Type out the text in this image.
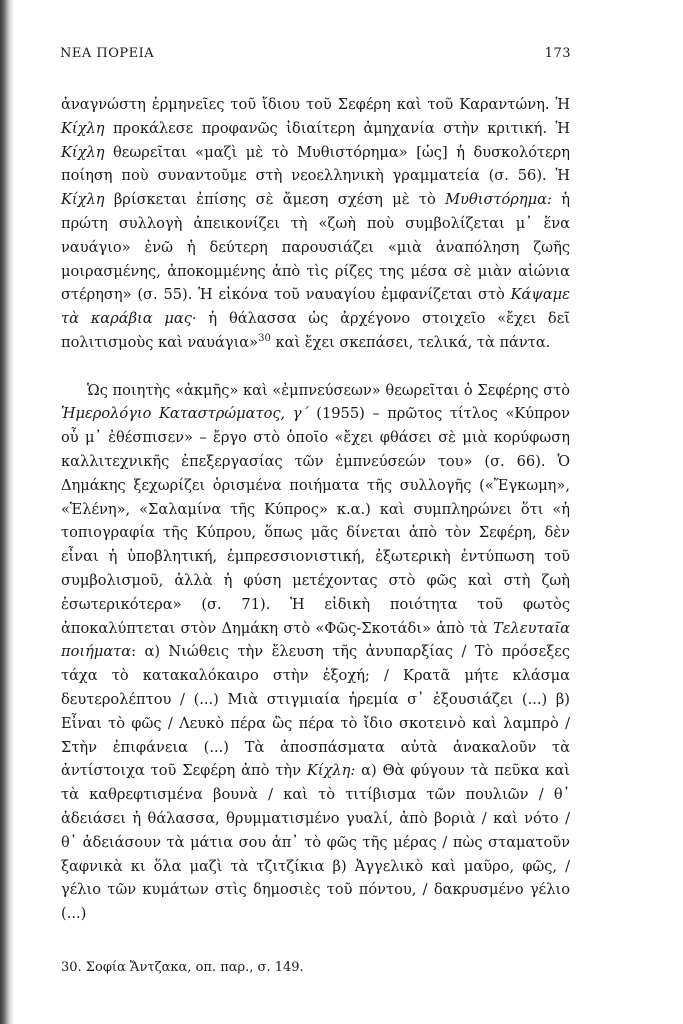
ΝΕΑ ΠΟΡΕΙΑ	173

ἀναγνώστη ἑρμηνεῖες τοῦ ἴδιου τοῦ Σεφέρη καὶ τοῦ Καραντώνη. Ἡ Κίχλη προκάλεσε προφανῶς ἰδιαίτερη ἀμηχανία στὴν κριτική. Ἡ Κίχλη θεωρεῖται «μαζὶ μὲ τὸ Μυθιστόρημα» [ὡς] ἡ δυσκολότερη ποίηση ποὺ συναντοῦμε στὴ νεοελληνικὴ γραμματεία (σ. 56). Ἡ Κίχλη βρίσκεται ἐπίσης σὲ ἄμεση σχέση μὲ τὸ Μυθιστόρημα: ἡ πρώτη συλλογὴ ἀπεικονίζει τὴ «ζωὴ ποὺ συμβολίζεται μ᾽ ἕνα ναυάγιο» ἐνῶ ἡ δεύτερη παρουσιάζει «μιὰ ἀναπόληση ζωῆς μοιρασμένης, ἀποκομμένης ἀπὸ τὶς ρίζες της μέσα σὲ μιὰν αἰώνια στέρηση» (σ. 55). Ἡ εἰκόνα τοῦ ναυαγίου ἐμφανίζεται στὸ Κάψαμε τὰ καράβια μας· ἡ θάλασσα ὡς ἀρχέγονο στοιχεῖο «ἔχει δεῖ πολιτισμοὺς καὶ ναυάγια»$^{30}$ καὶ ἔχει σκεπάσει, τελικά, τὰ πάντα.

Ὡς ποιητὴς «ἀκμῆς» καὶ «ἐμπνεύσεων» θεωρεῖται ὁ Σεφέρης στὸ Ἡμερολόγιο Καταστρώματος, γ´ (1955) – πρῶτος τίτλος «Κύπρον οὗ μ᾽ ἐθέσπισεν» – ἔργο στὸ ὁποῖο «ἔχει φθάσει σὲ μιὰ κορύφωση καλλιτεχνικῆς ἐπεξεργασίας τῶν ἐμπνεύσεών του» (σ. 66). Ὁ Δημάκης ξεχωρίζει ὁρισμένα ποιήματα τῆς συλλογῆς («Ἔγκωμη», «Ἑλένη», «Σαλαμίνα τῆς Κύπρος» κ.α.) καὶ συμπληρώνει ὅτι «ἡ τοπιογραφία τῆς Κύπρου, ὅπως μᾶς δίνεται ἀπὸ τὸν Σεφέρη, δὲν εἶναι ἡ ὑποβλητική, ἐμπρεσσιονιστική, ἐξωτερικὴ ἐντύπωση τοῦ συμβολισμοῦ, ἀλλὰ ἡ φύση μετέχοντας στὸ φῶς καὶ στὴ ζωὴ ἐσωτερικότερα» (σ. 71). Ἡ εἰδικὴ ποιότητα τοῦ φωτὸς ἀποκαλύπτεται στὸν Δημάκη στὸ «Φῶς-Σκοτάδι» ἀπὸ τὰ Τελευταῖα ποιήματα: α) Νιώθεις τὴν ἔλευση τῆς ἀνυπαρξίας / Τὸ πρόσεξες τάχα τὸ κατακαλόκαιρο στὴν ἐξοχή; / Κρατᾶ μήτε κλάσμα δευτερολέπτου / (...) Μιὰ στιγμιαία ἠρεμία σ᾽ ἐξουσιάζει (...) β) Εἶναι τὸ φῶς / Λευκὸ πέρα ὣς πέρα τὸ ἴδιο σκοτεινὸ καὶ λαμπρὸ / Στὴν ἐπιφάνεια (...) Τὰ ἀποσπάσματα αὐτὰ ἀνακαλοῦν τὰ ἀντίστοιχα τοῦ Σεφέρη ἀπὸ τὴν Κίχλη: α) Θὰ φύγουν τὰ πεῦκα καὶ τὰ καθρεφτισμένα βουνὰ / καὶ τὸ τιτίβισμα τῶν πουλιῶν / θ᾽ ἀδειάσει ἡ θάλασσα, θρυμματισμένο γυαλί, ἀπὸ βοριὰ / καὶ νότο / θ᾽ ἀδειάσουν τὰ μάτια σου ἀπ᾽ τὸ φῶς τῆς μέρας / πὼς σταματοῦν ξαφνικὰ κι ὅλα μαζὶ τὰ τζιτζίκια β) Ἀγγελικὸ καὶ μαῦρο, φῶς, / γέλιο τῶν κυμάτων στὶς δημοσιὲς τοῦ πόντου, / δακρυσμένο γέλιο (...)

30. Σοφία Ἄντζακα, οπ. παρ., σ. 149.
